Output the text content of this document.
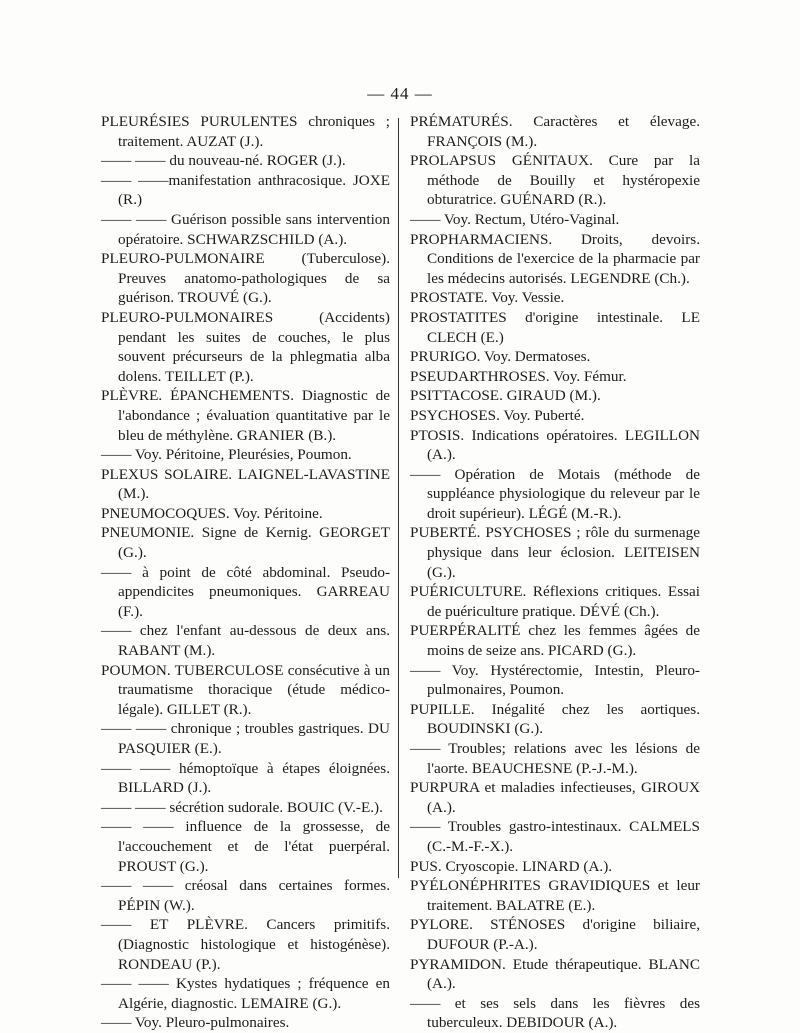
— 44 —

PLEURÉSIES PURULENTES chroniques ; traitement. AUZAT (J.).

—— —— du nouveau-né. ROGER (J.).

—— ——manifestation anthracosique. JOXE (R.)

—— —— Guérison possible sans intervention opératoire. SCHWARZSCHILD (A.).

PLEURO-PULMONAIRE (Tuberculose). Preuves anatomo-pathologiques de sa guérison. TROUVÉ (G.).

PLEURO-PULMONAIRES (Accidents) pendant les suites de couches, le plus souvent précurseurs de la phlegmatia alba dolens. TEILLET (P.).

PLÈVRE. ÉPANCHEMENTS. Diagnostic de l'abondance ; évaluation quantitative par le bleu de méthylène. GRANIER (B.).

—— Voy. Péritoine, Pleurésies, Poumon.

PLEXUS SOLAIRE. LAIGNEL-LAVASTINE (M.).

PNEUMOCOQUES. Voy. Péritoine.

PNEUMONIE. Signe de Kernig. GEORGET (G.).

—— à point de côté abdominal. Pseudo-appendicites pneumoniques. GARREAU (F.).

—— chez l'enfant au-dessous de deux ans. RABANT (M.).

POUMON. TUBERCULOSE consécutive à un traumatisme thoracique (étude médico-légale). GILLET (R.).

—— —— chronique ; troubles gastriques. DU PASQUIER (E.).

—— —— hémoptoïque à étapes éloignées. BILLARD (J.).

—— —— sécrétion sudorale. BOUIC (V.-E.).

—— —— influence de la grossesse, de l'accouchement et de l'état puerpéral. PROUST (G.).

—— —— créosal dans certaines formes. PÉPIN (W.).

—— ET PLÈVRE. Cancers primitifs. (Diagnostic histologique et histogénèse). RONDEAU (P.).

—— —— Kystes hydatiques ; fréquence en Algérie, diagnostic. LEMAIRE (G.).

—— Voy. Pleuro-pulmonaires.

PRÉMATURÉS. Caractères et élevage. FRANÇOIS (M.).

PROLAPSUS GÉNITAUX. Cure par la méthode de Bouilly et hystéropexie obturatrice. GUÉNARD (R.).

—— Voy. Rectum, Utéro-Vaginal.

PROPHARMACIENS. Droits, devoirs. Conditions de l'exercice de la pharmacie par les médecins autorisés. LEGENDRE (Ch.).

PROSTATE. Voy. Vessie.

PROSTATITES d'origine intestinale. LE CLECH (E.)

PRURIGO. Voy. Dermatoses.

PSEUDARTHROSES. Voy. Fémur.

PSITTACOSE. GIRAUD (M.).

PSYCHOSES. Voy. Puberté.

PTOSIS. Indications opératoires. LEGILLON (A.).

—— Opération de Motais (méthode de suppléance physiologique du releveur par le droit supérieur). LÉGÉ (M.-R.).

PUBERTÉ. PSYCHOSES ; rôle du surmenage physique dans leur éclosion. LEITEISEN (G.).

PUÉRICULTURE. Réflexions critiques. Essai de puériculture pratique. DÉVÉ (Ch.).

PUERPÉRALITÉ chez les femmes âgées de moins de seize ans. PICARD (G.).

—— Voy. Hystérectomie, Intestin, Pleuro-pulmonaires, Poumon.

PUPILLE. Inégalité chez les aortiques. BOUDINSKI (G.).

—— Troubles; relations avec les lésions de l'aorte. BEAUCHESNE (P.-J.-M.).

PURPURA et maladies infectieuses, GIROUX (A.).

—— Troubles gastro-intestinaux. CALMELS (C.-M.-F.-X.).

PUS. Cryoscopie. LINARD (A.).

PYÉLONÉPHRITES GRAVIDIQUES et leur traitement. BALATRE (E.).

PYLORE. STÉNOSES d'origine biliaire, DUFOUR (P.-A.).

PYRAMIDON. Etude thérapeutique. BLANC (A.).

—— et ses sels dans les fièvres des tuberculeux. DEBIDOUR (A.).
